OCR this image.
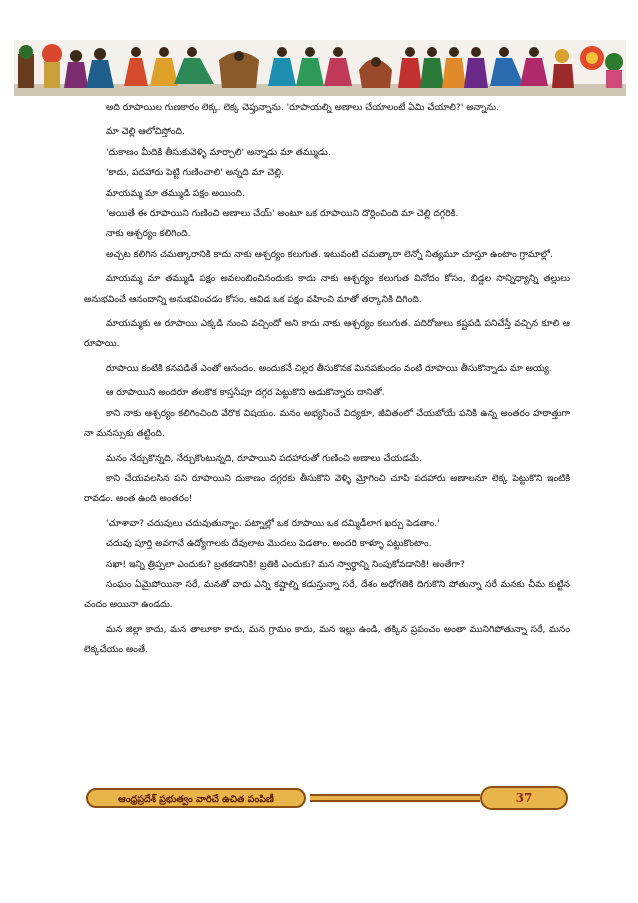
అది రూపాయిల గుణకారం లెక్క. లెక్క చెప్తున్నాను. 'రూపాయల్ని అణాలు చేయాలంటే ఏమి చేయాలి?' అన్నాను.

మా చెల్లి ఆలోచిస్తోంది.

'దుకాణం మీదికి తీసుకువెళ్ళి మార్చాలి' అన్నాడు మా తమ్ముడు.

'కాదు, పదహారు పెట్టి గుణించాలి' అన్నది మా చెల్లి.

మాయమ్మ మా తమ్ముడి పక్షం అయింది.

'అయితే ఈ రూపాయిని గుణించి అణాలు చేయ్' అంటూ ఒక రూపాయిని దొర్లించింది మా చెల్లి దగ్గరికి.

నాకు ఆశ్చర్యం కలిగింది.

అచ్చట కలిగిన చమత్కారానికి కాదు నాకు ఆశ్చర్యం కలుగుత. ఇటువంటి చమత్కారా లెన్నో నిత్యమూ చూస్తూ ఉంటాం గ్రామాల్లో.

మాయమ్మ మా తమ్ముడి పక్షం అవలంబించినందుకు కాదు నాకు ఆశ్చర్యం కలుగుత వినోదం కోసం, బిడ్డల సాన్నిధ్యాన్ని తల్లులు అనుభవించే ఆనందాన్ని అనుభవించడం కోసం, ఆవిడ ఒక పక్షం వహించి మాతో తర్కానికి దిగింది.

మాయమ్మకు ఆ రూపాయి ఎక్కడి నుంచి వచ్చిందో అని కాదు నాకు ఆశ్చర్యం కలుగుత. పదిరోజులు కష్టపడి పనిచేస్తే వచ్చిన కూలి ఆ రూపాయి.

రూపాయి కంటికి కనపడితే ఎంతో ఆనందం. అందుకనే చిల్లర తీసుకొనక మినపకుందం వంటి రూపాయి తీసుకొన్నాడు మా అయ్య.

ఆ రూపాయిని అందరూ తలకొక కాస్తసేపూ దగ్గర పెట్టుకొని ఆడుకొన్నారు దానితో.

కాని నాకు ఆశ్చర్యం కలిగించింది వేరొక విషయం. మనం అభ్యసించే విద్యకూ, జీవితంలో చేయబోయే పనికి ఉన్న అంతరం హఠాత్తుగా నా మనస్సుకు తట్టింది.

మనం నేర్చుకొన్నది, నేర్చుకొంటున్నది, రూపాయిని పదహారుతో గుణించి అణాలు చేయడమే.

కాని చేయవలసిన పని రూపాయిని దుకాణం దగ్గరకు తీసుకొని వెళ్ళి మ్రోగించి చూపి పదహారు అణాలనూ లెక్క పెట్టుకొని ఇంటికి రావడం. అంత ఉంది అంతరం!

'చూశావా? చదువులు చదువుతున్నాం. పట్నాల్లో ఒక రూపాయి ఒక దమ్మిడీలాగ ఖర్చు పెడతాం.'

చదువు పూర్తి అవగానే ఉద్యోగాలకు దేవులాట మొదలు పెడతాం. అందరి కాళ్ళూ పట్టుకొంటాం.

సఖా! ఇన్ని త్రిప్పలా ఎందుకు? బ్రతకడానికి! బ్రతికి ఎందుకు? మన స్వార్థాన్ని నింపుకోవడానికి! అంతేగా?

సంఘం ఏమైపోయినా సరే, మనతో వారు ఎన్ని కష్టాల్ని కడుస్తున్నా సరే, దేశం అధోగతికి దిగుకొని పోతున్నా సరే మనకు చీమ కుట్టిన చందం అయినా ఉండదు.

మన జిల్లా కాదు, మన తాలూకా కాదు, మన గ్రామం కాదు, మన ఇల్లు ఉండి, తక్కిన ప్రపంచం అంతా మునిగిపోతున్నా సరే, మనం లెక్కచేయం అంతే.

ఆంధ్రప్రదేశ్ ప్రభుత్వం వారిచే ఉచిత పంపిణీ	37
